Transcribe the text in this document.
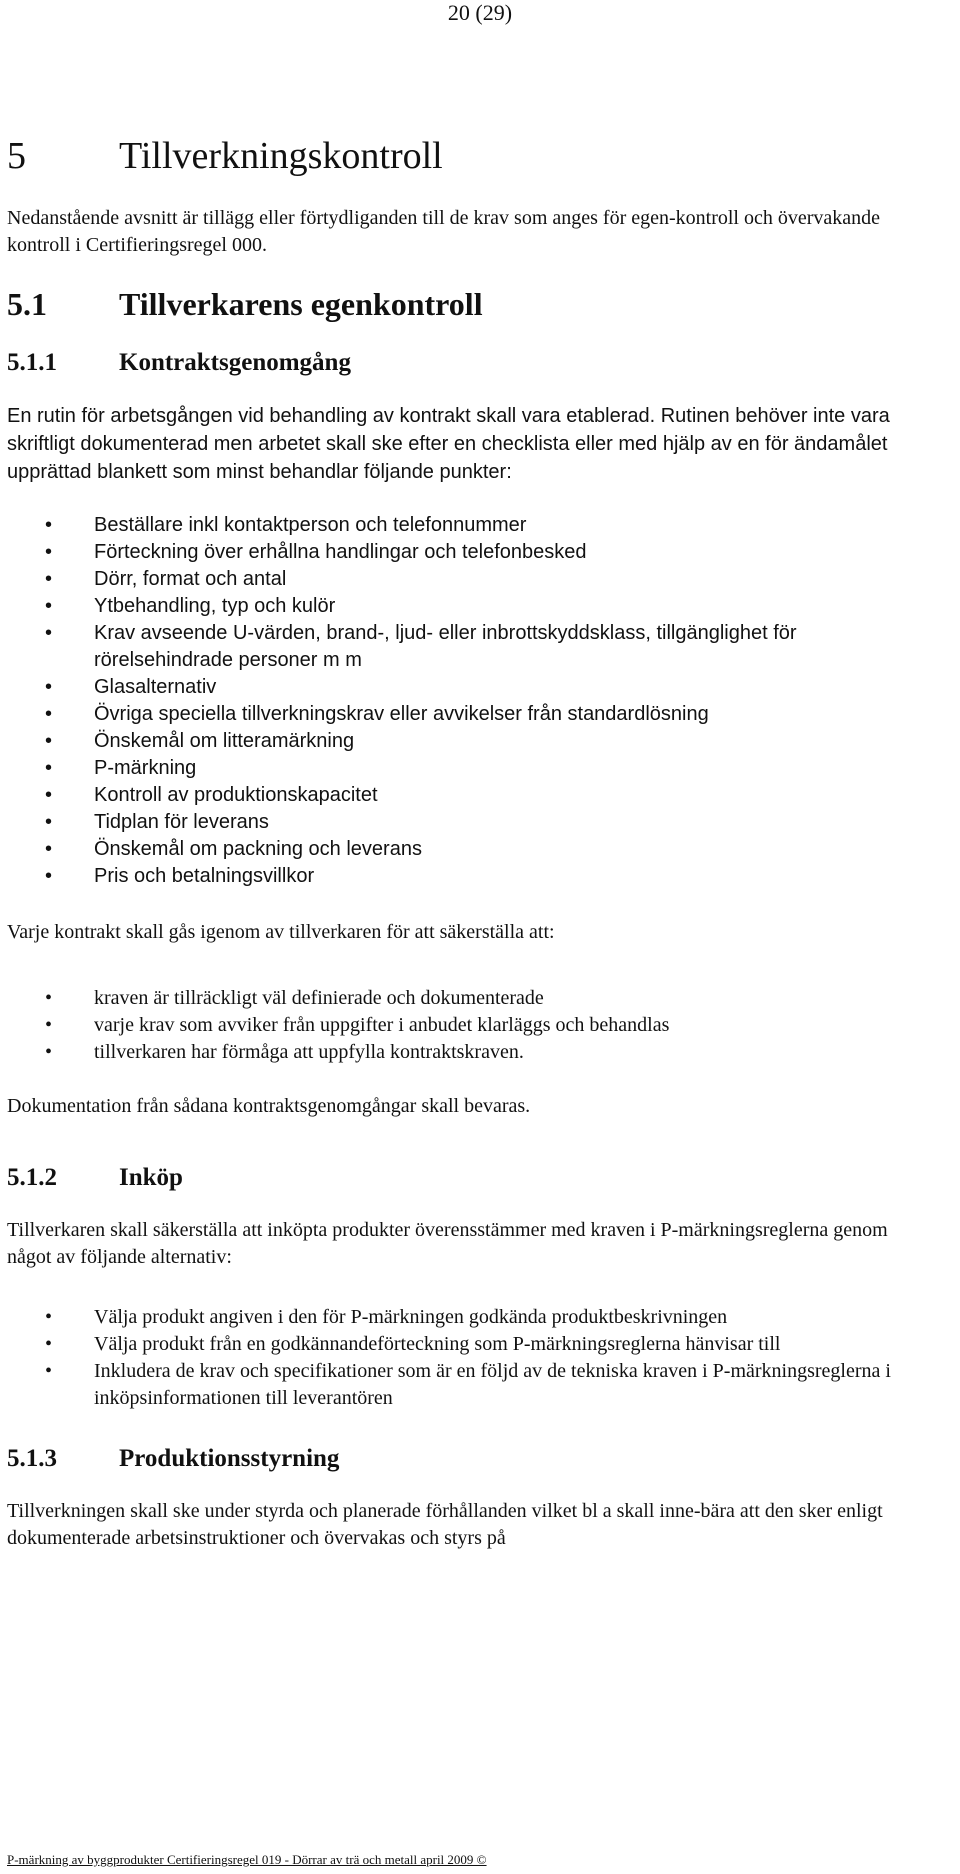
20 (29)
5	Tillverkningskontroll

Nedanstående avsnitt är tillägg eller förtydliganden till de krav som anges för egen-kontroll och övervakande kontroll i Certifieringsregel 000.

5.1	Tillverkarens egenkontroll
5.1.1	Kontraktsgenomgång

En rutin för arbetsgången vid behandling av kontrakt skall vara etablerad. Rutinen behöver inte vara skriftligt dokumenterad men arbetet skall ske efter en checklista eller med hjälp av en för ändamålet upprättad blankett som minst behandlar följande punkter:

• Beställare inkl kontaktperson och telefonnummer
• Förteckning över erhållna handlingar och telefonbesked
• Dörr, format och antal
• Ytbehandling, typ och kulör
• Krav avseende U-värden, brand-, ljud- eller inbrottskyddsklass, tillgänglighet för rörelsehindrade personer m m
• Glasalternativ
• Övriga speciella tillverkningskrav eller avvikelser från standardlösning
• Önskemål om litteramärkning
• P-märkning
• Kontroll av produktionskapacitet
• Tidplan för leverans
• Önskemål om packning och leverans
• Pris och betalningsvillkor

Varje kontrakt skall gås igenom av tillverkaren för att säkerställa att:

• kraven är tillräckligt väl definierade och dokumenterade
• varje krav som avviker från uppgifter i anbudet klarläggs och behandlas
• tillverkaren har förmåga att uppfylla kontraktskraven.

Dokumentation från sådana kontraktsgenomgångar skall bevaras.

5.1.2	Inköp

Tillverkaren skall säkerställa att inköpta produkter överensstämmer med kraven i P-märkningsreglerna genom något av följande alternativ:

• Välja produkt angiven i den för P-märkningen godkända produktbeskrivningen
• Välja produkt från en godkännandeförteckning som P-märkningsreglerna hänvisar till
• Inkludera de krav och specifikationer som är en följd av de tekniska kraven i P-märkningsreglerna i inköpsinformationen till leverantören
5.1.3	Produktionsstyrning

Tillverkningen skall ske under styrda och planerade förhållanden vilket bl a skall inne-bära att den sker enligt dokumenterade arbetsinstruktioner och övervakas och styrs på

P-märkning av byggprodukter Certifieringsregel 019 - Dörrar av trä och metall april 2009 ©
